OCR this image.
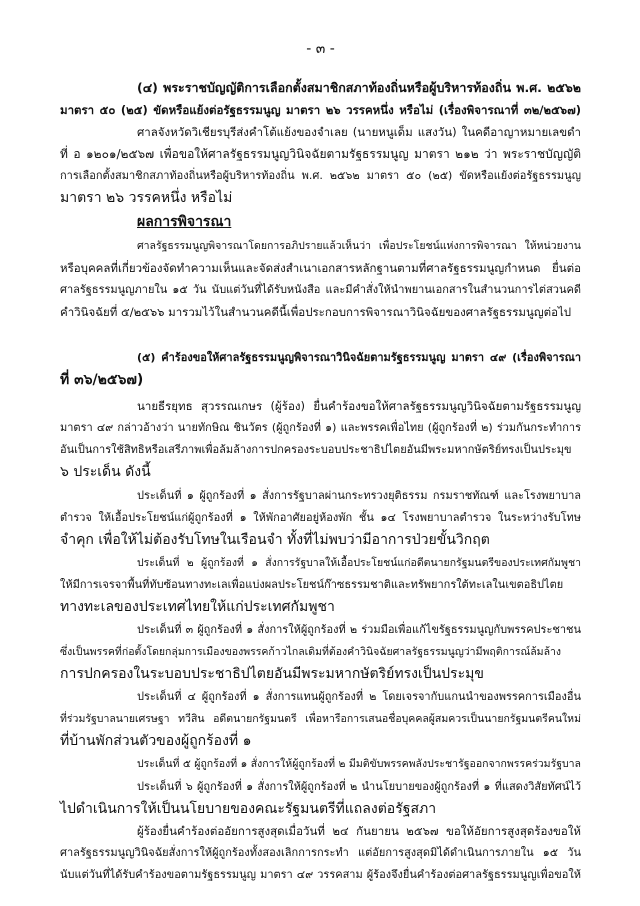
- ๓ -
(๔) พระราชบัญญัติการเลือกตั้งสมาชิกสภาท้องถิ่นหรือผู้บริหารท้องถิ่น พ.ศ. ๒๕๖๒
มาตรา ๕๐ (๒๕) ขัดหรือแย้งต่อรัฐธรรมนูญ มาตรา ๒๖ วรรคหนึ่ง หรือไม่ (เรื่องพิจารณาที่ ๓๒/๒๕๖๗)
ศาลจังหวัดวิเชียรบุรีส่งคำโต้แย้งของจำเลย (นายหนูเด็ม แสงวัน) ในคดีอาญาหมายเลขดำ
ที่ อ ๑๒๐๑/๒๕๖๗ เพื่อขอให้ศาลรัฐธรรมนูญวินิจฉัยตามรัฐธรรมนูญ มาตรา ๒๑๒ ว่า พระราชบัญญัติ
การเลือกตั้งสมาชิกสภาท้องถิ่นหรือผู้บริหารท้องถิ่น พ.ศ. ๒๕๖๒ มาตรา ๕๐ (๒๕) ขัดหรือแย้งต่อรัฐธรรมนูญ
มาตรา ๒๖ วรรคหนึ่ง หรือไม่
ผลการพิจารณา
ศาลรัฐธรรมนูญพิจารณาโดยการอภิปรายแล้วเห็นว่า เพื่อประโยชน์แห่งการพิจารณา ให้หน่วยงาน
หรือบุคคลที่เกี่ยวข้องจัดทำความเห็นและจัดส่งสำเนาเอกสารหลักฐานตามที่ศาลรัฐธรรมนูญกำหนด ยื่นต่อ
ศาลรัฐธรรมนูญภายใน ๑๕ วัน นับแต่วันที่ได้รับหนังสือ และมีคำสั่งให้นำพยานเอกสารในสำนวนการไต่สวนคดี
คำวินิจฉัยที่ ๕/๒๕๖๖ มารวมไว้ในสำนวนคดีนี้เพื่อประกอบการพิจารณาวินิจฉัยของศาลรัฐธรรมนูญต่อไป
(๕) คำร้องขอให้ศาลรัฐธรรมนูญพิจารณาวินิจฉัยตามรัฐธรรมนูญ มาตรา ๔๙ (เรื่องพิจารณา
ที่ ๓๖/๒๕๖๗)
นายธีรยุทธ สุวรรณเกษร (ผู้ร้อง) ยื่นคำร้องขอให้ศาลรัฐธรรมนูญวินิจฉัยตามรัฐธรรมนูญ
มาตรา ๔๙ กล่าวอ้างว่า นายทักษิณ ชินวัตร (ผู้ถูกร้องที่ ๑) และพรรคเพื่อไทย (ผู้ถูกร้องที่ ๒) ร่วมกันกระทำการ
อันเป็นการใช้สิทธิหรือเสรีภาพเพื่อล้มล้างการปกครองระบอบประชาธิปไตยอันมีพระมหากษัตริย์ทรงเป็นประมุข
๖ ประเด็น ดังนี้
ประเด็นที่ ๑ ผู้ถูกร้องที่ ๑ สั่งการรัฐบาลผ่านกระทรวงยุติธรรม กรมราชทัณฑ์ และโรงพยาบาล
ตำรวจ ให้เอื้อประโยชน์แก่ผู้ถูกร้องที่ ๑ ให้พักอาศัยอยู่ห้องพัก ชั้น ๑๔ โรงพยาบาลตำรวจ ในระหว่างรับโทษ
จำคุก เพื่อให้ไม่ต้องรับโทษในเรือนจำ ทั้งที่ไม่พบว่ามีอาการป่วยขั้นวิกฤต
ประเด็นที่ ๒ ผู้ถูกร้องที่ ๑ สั่งการรัฐบาลให้เอื้อประโยชน์แก่อดีตนายกรัฐมนตรีของประเทศกัมพูชา
ให้มีการเจรจาพื้นที่ทับซ้อนทางทะเลเพื่อแบ่งผลประโยชน์ก๊าซธรรมชาติและทรัพยากรใต้ทะเลในเขตอธิปไตย
ทางทะเลของประเทศไทยให้แก่ประเทศกัมพูชา
ประเด็นที่ ๓ ผู้ถูกร้องที่ ๑ สั่งการให้ผู้ถูกร้องที่ ๒ ร่วมมือเพื่อแก้ไขรัฐธรรมนูญกับพรรคประชาชน
ซึ่งเป็นพรรคที่ก่อตั้งโดยกลุ่มการเมืองของพรรคก้าวไกลเดิมที่ต้องคำวินิจฉัยศาลรัฐธรรมนูญว่ามีพฤติการณ์ล้มล้าง
การปกครองในระบอบประชาธิปไตยอันมีพระมหากษัตริย์ทรงเป็นประมุข
ประเด็นที่ ๔ ผู้ถูกร้องที่ ๑ สั่งการแทนผู้ถูกร้องที่ ๒ โดยเจรจากับแกนนำของพรรคการเมืองอื่น
ที่ร่วมรัฐบาลนายเศรษฐา ทวีสิน อดีตนายกรัฐมนตรี เพื่อหารือการเสนอชื่อบุคคลผู้สมควรเป็นนายกรัฐมนตรีคนใหม่
ที่บ้านพักส่วนตัวของผู้ถูกร้องที่ ๑
ประเด็นที่ ๕ ผู้ถูกร้องที่ ๑ สั่งการให้ผู้ถูกร้องที่ ๒ มีมติขับพรรคพลังประชารัฐออกจากพรรคร่วมรัฐบาล
ประเด็นที่ ๖ ผู้ถูกร้องที่ ๑ สั่งการให้ผู้ถูกร้องที่ ๒ นำนโยบายของผู้ถูกร้องที่ ๑ ที่แสดงวิสัยทัศน์ไว้
ไปดำเนินการให้เป็นนโยบายของคณะรัฐมนตรีที่แถลงต่อรัฐสภา
ผู้ร้องยื่นคำร้องต่ออัยการสูงสุดเมื่อวันที่ ๒๔ กันยายน ๒๕๖๗ ขอให้อัยการสูงสุดร้องขอให้
ศาลรัฐธรรมนูญวินิจฉัยสั่งการให้ผู้ถูกร้องทั้งสองเลิกการกระทำ แต่อัยการสูงสุดมิได้ดำเนินการภายใน ๑๕ วัน
นับแต่วันที่ได้รับคำร้องขอตามรัฐธรรมนูญ มาตรา ๔๙ วรรคสาม ผู้ร้องจึงยื่นคำร้องต่อศาลรัฐธรรมนูญเพื่อขอให้
